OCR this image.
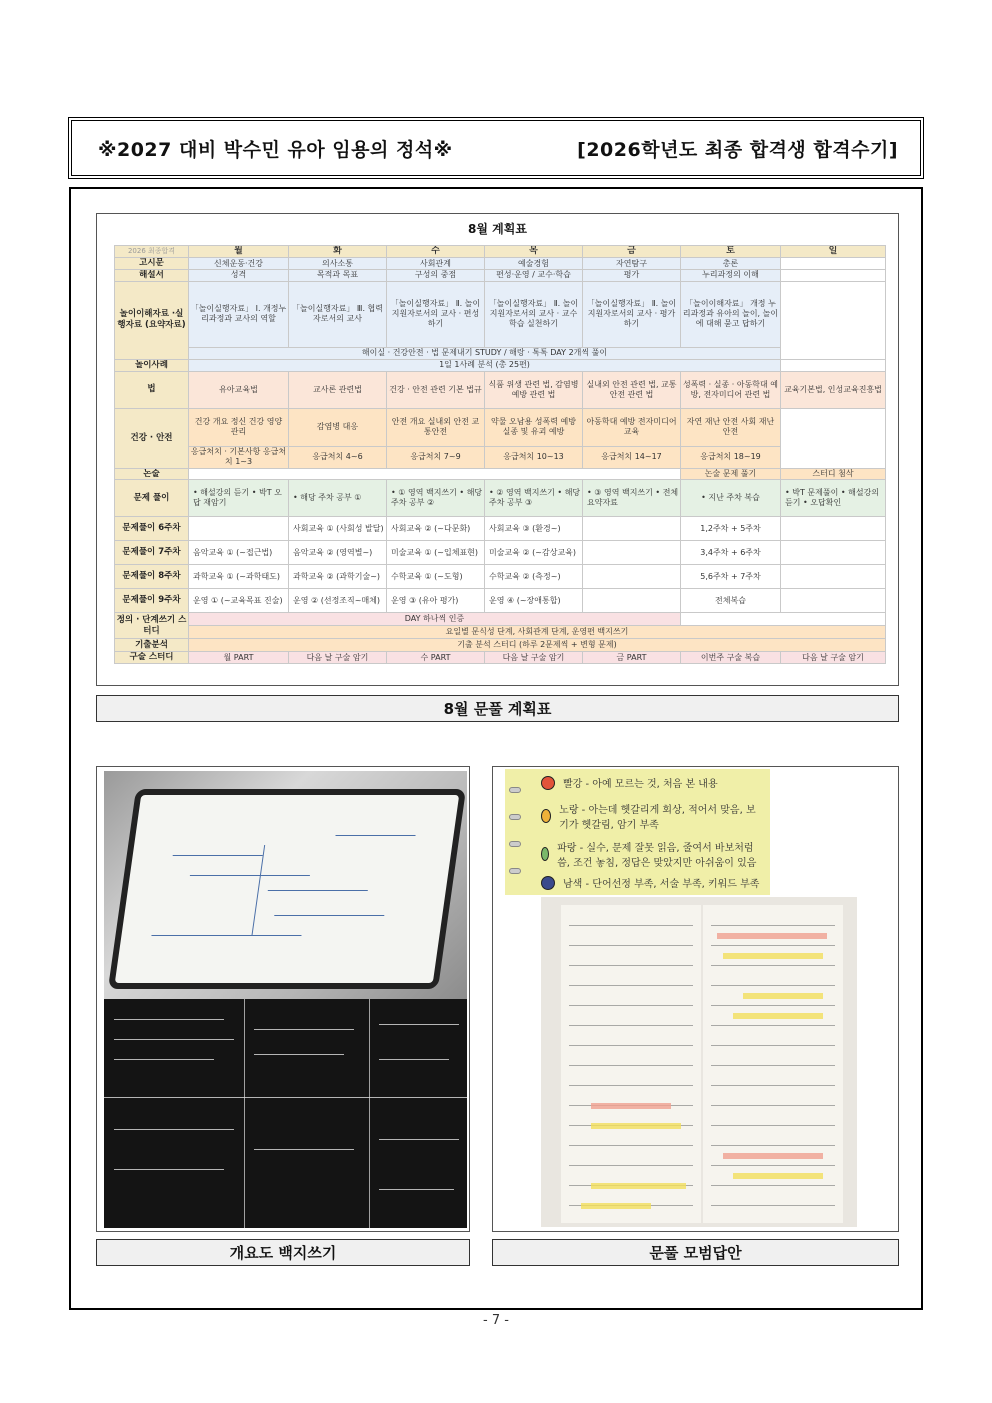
※2027 대비 박수민 유아 임용의 정석※	[2026학년도 최종 합격생 합격수기]
8월 계획표
2026 최종합격	월	화	수	목	금	토	일
고시문	신체운동·건강	의사소통	사회관계	예술경험	자연탐구	총론	
해설서	성격	목적과 목표	구성의 중점	편성·운영 / 교수·학습	평가	누리과정의 이해	
놀이이해자료 ·실행자료 (요약자료)	「놀이실행자료」 Ⅰ. 개정누리과정과 교사의 역할	「놀이실행자료」 Ⅲ. 협력자로서의 교사	「놀이실행자료」 Ⅱ. 놀이지원자로서의 교사 · 편성하기	「놀이실행자료」 Ⅱ. 놀이지원자로서의 교사 · 교수학습 실천하기	「놀이실행자료」 Ⅱ. 놀이지원자로서의 교사 · 평가하기	「놀이이해자료」 개정 누리과정과 유아의 놀이, 놀이에 대해 묻고 답하기	
	해이실 · 건강안전 · 법 문제내기 STUDY / 해랑 · 톡톡 DAY 2개씩 풀이						
놀이사례	1일 1사례 분석 (총 25편)						
법	유아교육법	교사론 관련법	건강 · 안전 관련 기본 법규	식품 위생 관련 법, 감염병 예방 관련 법	실내외 안전 관련 법, 교통안전 관련 법	성폭력 · 실종 · 아동학대 예방, 전자미디어 관련 법	교육기본법, 인성교육진흥법
건강 · 안전	건강 개요 정신 건강 영양 관리	감염병 대응	안전 개요 실내외 안전 교통안전	약물 오남용 성폭력 예방 실종 및 유괴 예방	아동학대 예방 전자미디어 교육	자연 재난 안전 사회 재난 안전	
	응급처치 · 기본사항 응급처치 1~3	응급처치 4~6	응급처치 7~9	응급처치 10~13	응급처치 14~17	응급처치 18~19	
논술						논술 문제 풀기	스터디 첨삭
문제 풀이	• 해설강의 듣기 • 박T 오답 재암기	• 해당 주차 공부 ①	• ① 영역 백지쓰기 • 해당 주차 공부 ②	• ② 영역 백지쓰기 • 해당 주차 공부 ③	• ③ 영역 백지쓰기 • 전체 요약자료	• 지난 주차 복습	• 박T 문제풀이 • 해설강의 듣기 • 오답확인
문제풀이 6주차		사회교육 ① (사회성 발달)	사회교육 ② (~다문화)	사회교육 ③ (환경~)		1,2주차 + 5주차	
문제풀이 7주차	음악교육 ① (~접근법)	음악교육 ② (영역별~)	미술교육 ① (~입체표현)	미술교육 ② (~감상교육)		3,4주차 + 6주차	
문제풀이 8주차	과학교육 ① (~과학태도)	과학교육 ② (과학기술~)	수학교육 ① (~도형)	수학교육 ② (측정~)		5,6주차 + 7주차	
문제풀이 9주차	운영 ① (~교육목표 진술)	운영 ② (선정조직~매체)	운영 ③ (유아 평가)	운영 ④ (~장애통합)		전체복습	
정의 · 단계쓰기 스터디	DAY 하나씩 인증						
	요일별 문식성 단계, 사회관계 단계, 운영편 백지쓰기						
기출분석	기출 분석 스터디 (하루 2문제씩 + 변형 문제)						
구술 스터디	월 PART	다음 날 구술 암기	수 PART	다음 날 구술 암기	금 PART	이번주 구술 복습	다음 날 구술 암기
8월 문풀 계획표
개요도 백지쓰기
빨강 - 아예 모르는 것, 처음 본 내용
노랑 - 아는데 헷갈리게 회상, 적어서 맞음, 보기가 헷갈림, 암기 부족
파랑 - 실수, 문제 잘못 읽음, 줄여서 바보처럼 씀, 조건 놓침, 정답은 맞았지만 아쉬움이 있음
남색 - 단어선정 부족, 서술 부족, 키워드 부족
문풀 모범답안
- 7 -
